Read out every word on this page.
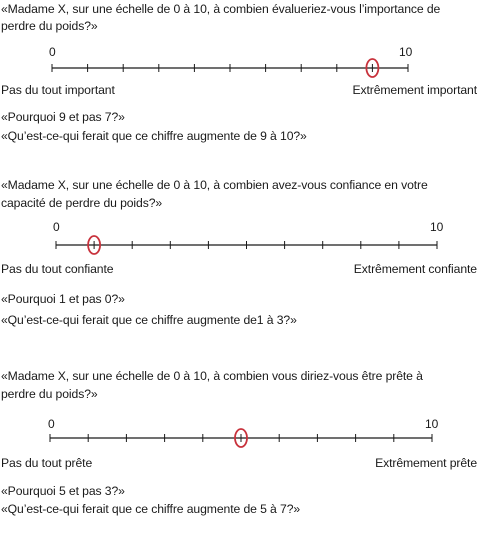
«Madame X, sur une échelle de 0 à 10, à combien évalueriez-vous l’importance de
perdre du poids?»
0	10
Pas du tout important	Extrêmement important
«Pourquoi 9 et pas 7?»
«Qu’est-ce-qui ferait que ce chiffre augmente de 9 à 10?»
«Madame X, sur une échelle de 0 à 10, à combien avez-vous confiance en votre
capacité de perdre du poids?»
0	10
Pas du tout confiante	Extrêmement confiante
«Pourquoi 1 et pas 0?»
«Qu’est-ce-qui ferait que ce chiffre augmente de1 à 3?»
«Madame X, sur une échelle de 0 à 10, à combien vous diriez-vous être prête à
perdre du poids?»
0	10
Pas du tout prête	Extrêmement prête
«Pourquoi 5 et pas 3?»
«Qu’est-ce-qui ferait que ce chiffre augmente de 5 à 7?»
